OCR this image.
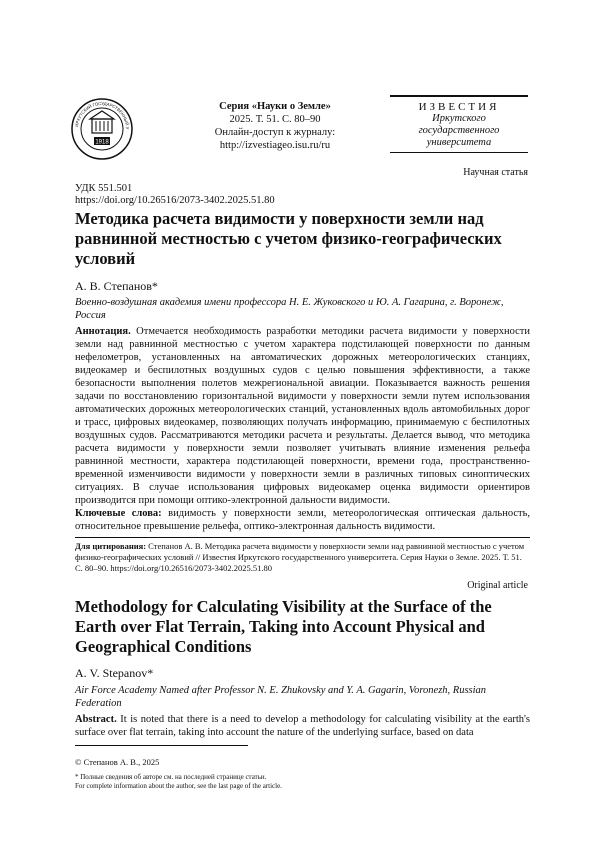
1918
ИРКУТСКИЙ ГОСУДАРСТВЕННЫЙ У
Серия «Науки о Земле»
2025. Т. 51. С. 80–90
Онлайн-доступ к журналу:
http://izvestiageo.isu.ru/ru
ИЗВЕСТИЯ
Иркутского
государственного
университета
Научная статья
УДК 551.501
https://doi.org/10.26516/2073-3402.2025.51.80
Методика расчета видимости у поверхности земли над равнинной местностью с учетом физико-географических условий
А. В. Степанов*
Военно-воздушная академия имени профессора Н. Е. Жуковского и Ю. А. Гагарина, г. Воронеж, Россия
Аннотация. Отмечается необходимость разработки методики расчета видимости у поверхности земли над равнинной местностью с учетом характера подстилающей поверхности по данным нефелометров, установленных на автоматических дорожных метеорологических станциях, видеокамер и беспилотных воздушных судов с целью повышения эффективности, а также безопасности выполнения полетов межрегиональной авиации. Показывается важность решения задачи по восстановлению горизонтальной видимости у поверхности земли путем использования автоматических дорожных метеорологических станций, установленных вдоль автомобильных дорог и трасс, цифровых видеокамер, позволяющих получать информацию, принимаемую с беспилотных воздушных судов. Рассматриваются методики расчета и результаты. Делается вывод, что методика расчета видимости у поверхности земли позволяет учитывать влияние изменения рельефа равнинной местности, характера подстилающей поверхности, времени года, пространственно-временной изменчивости видимости у поверхности земли в различных типовых синоптических ситуациях. В случае использования цифровых видеокамер оценка видимости ориентиров производится при помощи оптико-электронной дальности видимости.
Ключевые слова: видимость у поверхности земли, метеорологическая оптическая дальность, относительное превышение рельефа, оптико-электронная дальность видимости.
Для цитирования: Степанов А. В. Методика расчета видимости у поверхности земли над равнинной местностью с учетом физико-географических условий // Известия Иркутского государственного университета. Серия Науки о Земле. 2025. Т. 51. С. 80–90. https://doi.org/10.26516/2073-3402.2025.51.80
Original article
Methodology for Calculating Visibility at the Surface of the Earth over Flat Terrain, Taking into Account Physical and Geographical Conditions
A. V. Stepanov*
Air Force Academy Named after Professor N. E. Zhukovsky and Y. A. Gagarin, Voronezh, Russian Federation
Abstract. It is noted that there is a need to develop a methodology for calculating visibility at the earth's surface over flat terrain, taking into account the nature of the underlying surface, based on data
© Степанов А. В., 2025
* Полные сведения об авторе см. на последней странице статьи.
For complete information about the author, see the last page of the article.
